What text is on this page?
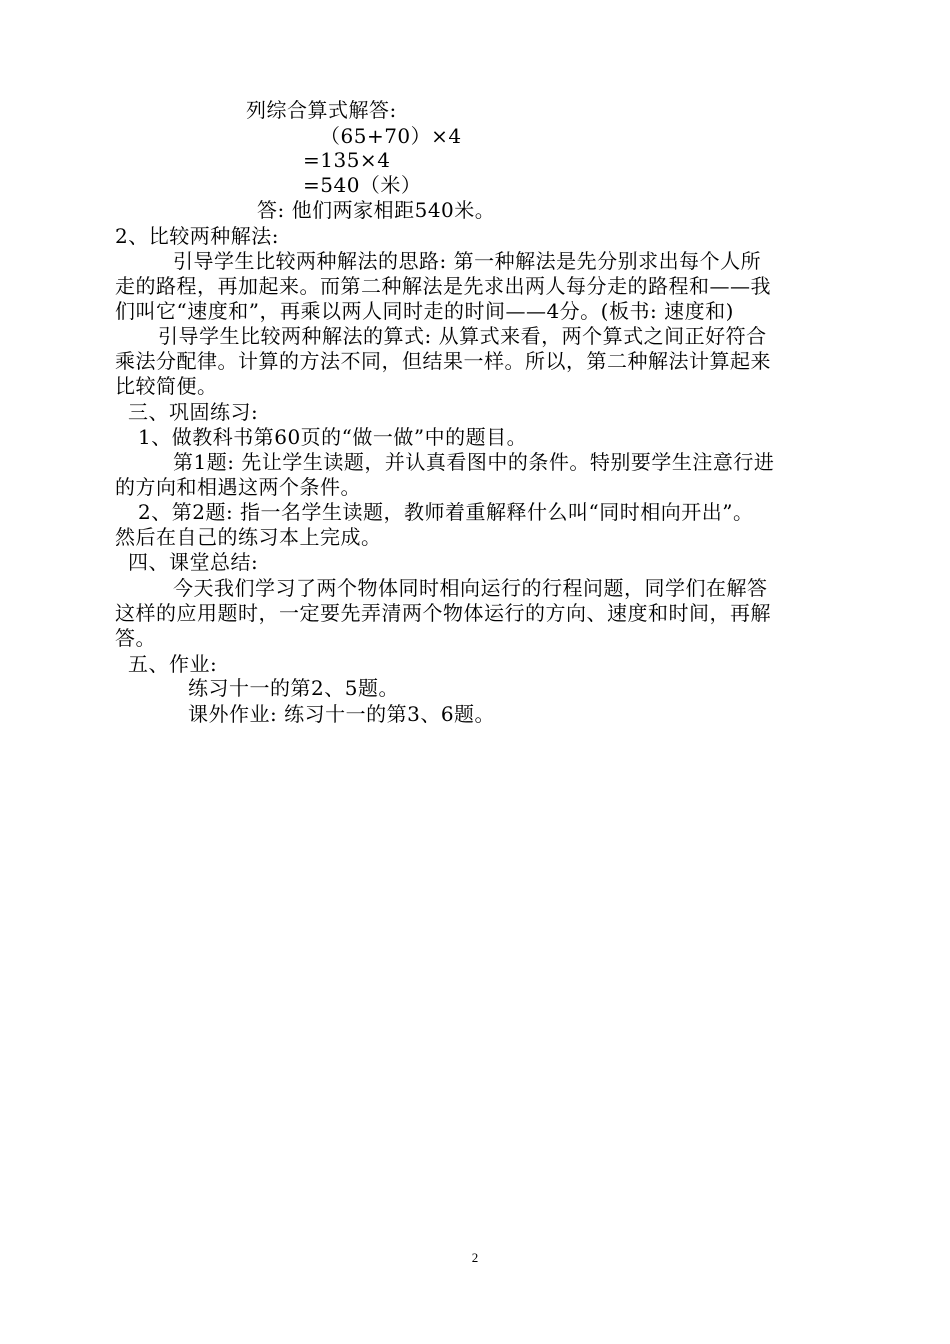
列综合算式解答:
（65+70）×4
=135×4
=540（米）
答: 他们两家相距540米。
2、比较两种解法:
引导学生比较两种解法的思路: 第一种解法是先分别求出每个人所
走的路程，再加起来。而第二种解法是先求出两人每分走的路程和——我
们叫它“速度和”，再乘以两人同时走的时间——4分。(板书: 速度和)
引导学生比较两种解法的算式: 从算式来看，两个算式之间正好符合
乘法分配律。计算的方法不同，但结果一样。所以，第二种解法计算起来
比较简便。
三、巩固练习:
1、做教科书第60页的“做一做”中的题目。
第1题: 先让学生读题，并认真看图中的条件。特别要学生注意行进
的方向和相遇这两个条件。
2、第2题: 指一名学生读题，教师着重解释什么叫“同时相向开出”。
然后在自己的练习本上完成。
四、课堂总结:
今天我们学习了两个物体同时相向运行的行程问题，同学们在解答
这样的应用题时，一定要先弄清两个物体运行的方向、速度和时间，再解
答。
五、作业:
练习十一的第2、5题。
课外作业: 练习十一的第3、6题。
2
